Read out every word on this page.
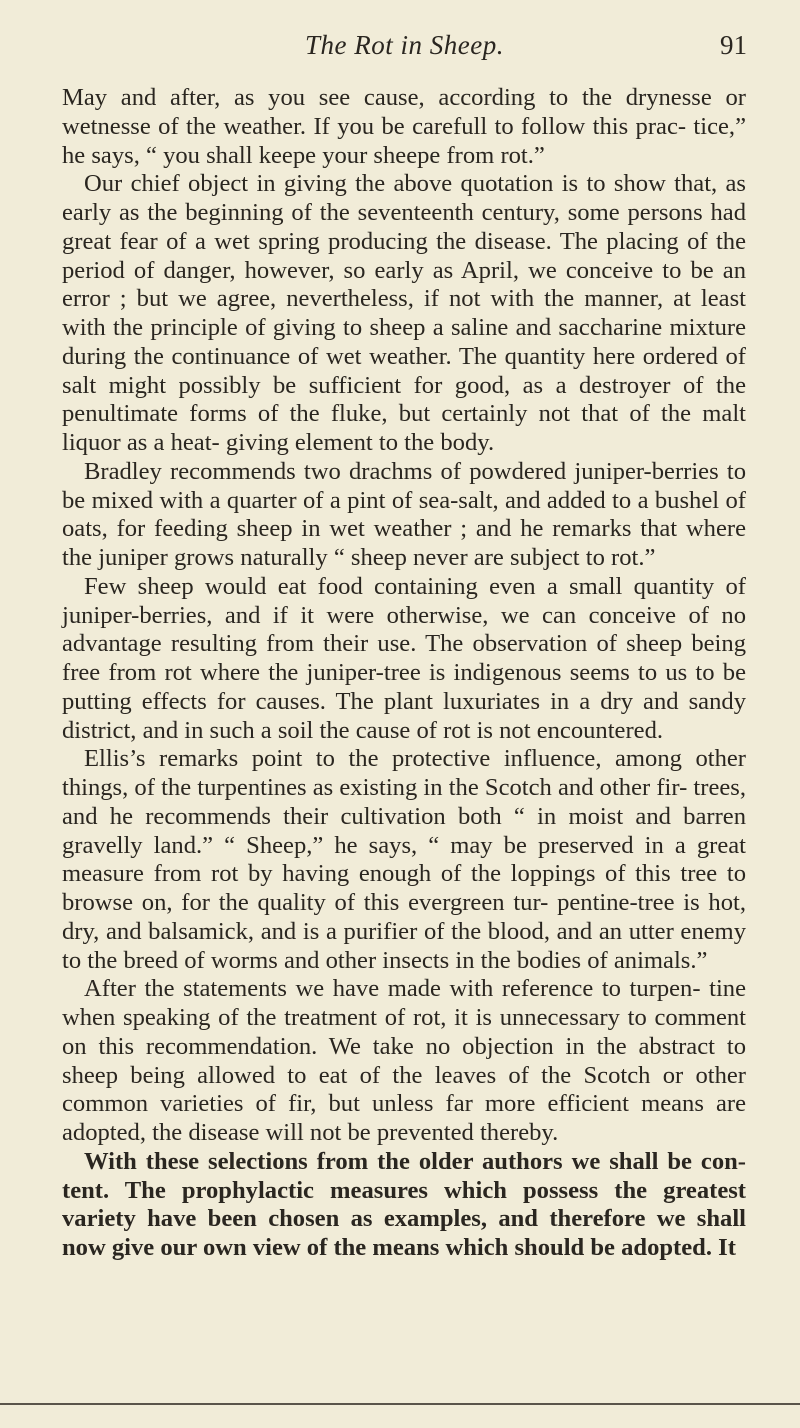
The Rot in Sheep.	91

May and after, as you see cause, according to the drynesse or wetnesse of the weather. If you be carefull to follow this prac- tice,” he says, “ you shall keepe your sheepe from rot.”

Our chief object in giving the above quotation is to show that, as early as the beginning of the seventeenth century, some persons had great fear of a wet spring producing the disease. The placing of the period of danger, however, so early as April, we conceive to be an error ; but we agree, nevertheless, if not with the manner, at least with the principle of giving to sheep a saline and saccharine mixture during the continuance of wet weather. The quantity here ordered of salt might possibly be sufficient for good, as a destroyer of the penultimate forms of the fluke, but certainly not that of the malt liquor as a heat- giving element to the body.

Bradley recommends two drachms of powdered juniper-berries to be mixed with a quarter of a pint of sea-salt, and added to a bushel of oats, for feeding sheep in wet weather ; and he remarks that where the juniper grows naturally “ sheep never are subject to rot.”

Few sheep would eat food containing even a small quantity of juniper-berries, and if it were otherwise, we can conceive of no advantage resulting from their use. The observation of sheep being free from rot where the juniper-tree is indigenous seems to us to be putting effects for causes. The plant luxuriates in a dry and sandy district, and in such a soil the cause of rot is not encountered.

Ellis’s remarks point to the protective influence, among other things, of the turpentines as existing in the Scotch and other fir- trees, and he recommends their cultivation both “ in moist and barren gravelly land.” “ Sheep,” he says, “ may be preserved in a great measure from rot by having enough of the loppings of this tree to browse on, for the quality of this evergreen tur- pentine-tree is hot, dry, and balsamick, and is a purifier of the blood, and an utter enemy to the breed of worms and other insects in the bodies of animals.”

After the statements we have made with reference to turpen- tine when speaking of the treatment of rot, it is unnecessary to comment on this recommendation. We take no objection in the abstract to sheep being allowed to eat of the leaves of the Scotch or other common varieties of fir, but unless far more efficient means are adopted, the disease will not be prevented thereby.

With these selections from the older authors we shall be con- tent. The prophylactic measures which possess the greatest variety have been chosen as examples, and therefore we shall now give our own view of the means which should be adopted. It
